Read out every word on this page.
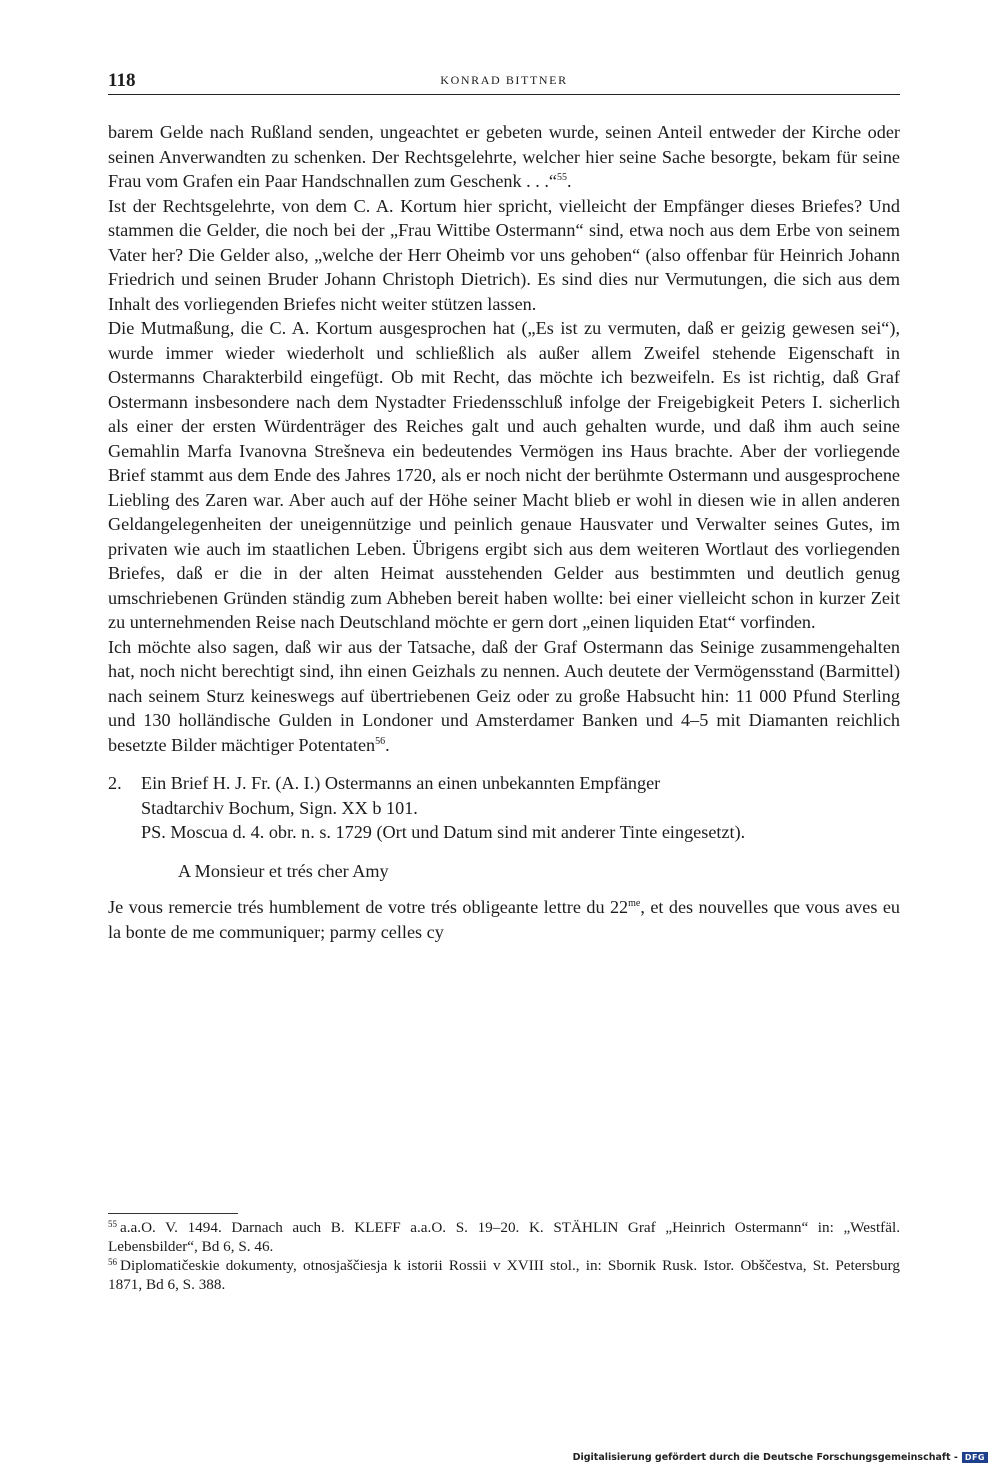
118	KONRAD BITTNER

barem Gelde nach Rußland senden, ungeachtet er gebeten wurde, seinen Anteil entweder der Kirche oder seinen Anverwandten zu schenken. Der Rechtsgelehrte, welcher hier seine Sache besorgte, bekam für seine Frau vom Grafen ein Paar Handschnallen zum Geschenk . . .“$^{55}$.

Ist der Rechtsgelehrte, von dem C. A. Kortum hier spricht, vielleicht der Empfänger dieses Briefes? Und stammen die Gelder, die noch bei der „Frau Wittibe Ostermann“ sind, etwa noch aus dem Erbe von seinem Vater her? Die Gelder also, „welche der Herr Oheimb vor uns gehoben“ (also offenbar für Heinrich Johann Friedrich und seinen Bruder Johann Christoph Dietrich). Es sind dies nur Vermutungen, die sich aus dem Inhalt des vorliegenden Briefes nicht weiter stützen lassen.

Die Mutmaßung, die C. A. Kortum ausgesprochen hat („Es ist zu vermuten, daß er geizig gewesen sei“), wurde immer wieder wiederholt und schließlich als außer allem Zweifel stehende Eigenschaft in Ostermanns Charakterbild eingefügt. Ob mit Recht, das möchte ich bezweifeln. Es ist richtig, daß Graf Ostermann insbesondere nach dem Nystadter Friedensschluß infolge der Freigebigkeit Peters I. sicherlich als einer der ersten Würdenträger des Reiches galt und auch gehalten wurde, und daß ihm auch seine Gemahlin Marfa Ivanovna Strešneva ein bedeutendes Vermögen ins Haus brachte. Aber der vorliegende Brief stammt aus dem Ende des Jahres 1720, als er noch nicht der berühmte Ostermann und ausgesprochene Liebling des Zaren war. Aber auch auf der Höhe seiner Macht blieb er wohl in diesen wie in allen anderen Geldangelegenheiten der uneigennützige und peinlich genaue Hausvater und Verwalter seines Gutes, im privaten wie auch im staatlichen Leben. Übrigens ergibt sich aus dem weiteren Wortlaut des vorliegenden Briefes, daß er die in der alten Heimat ausstehenden Gelder aus bestimmten und deutlich genug umschriebenen Gründen ständig zum Abheben bereit haben wollte: bei einer vielleicht schon in kurzer Zeit zu unternehmenden Reise nach Deutschland möchte er gern dort „einen liquiden Etat“ vorfinden.

Ich möchte also sagen, daß wir aus der Tatsache, daß der Graf Ostermann das Seinige zusammengehalten hat, noch nicht berechtigt sind, ihn einen Geizhals zu nennen. Auch deutete der Vermögensstand (Barmittel) nach seinem Sturz keineswegs auf übertriebenen Geiz oder zu große Habsucht hin: 11 000 Pfund Sterling und 130 holländische Gulden in Londoner und Amsterdamer Banken und 4–5 mit Diamanten reichlich besetzte Bilder mächtiger Potentaten$^{56}$.

2.	Ein Brief H. J. Fr. (A. I.) Ostermanns an einen unbekannten Empfänger
Stadtarchiv Bochum, Sign. XX b 101.
PS. Moscua d. 4. obr. n. s. 1729 (Ort und Datum sind mit anderer Tinte eingesetzt).

A Monsieur et trés cher Amy

Je vous remercie trés humblement de votre trés obligeante lettre du $22^{me}$, et des nouvelles que vous aves eu la bonte de me communiquer; parmy celles cy

$^{55}$ a.a.O. V. 1494. Darnach auch B. KLEFF a.a.O. S. 19–20. K. STÄHLIN Graf „Heinrich Ostermann“ in: „Westfäl. Lebensbilder“, Bd 6, S. 46.

$^{56}$ Diplomatičeskie dokumenty, otnosjaščiesja k istorii Rossii v XVIII stol., in: Sbornik Rusk. Istor. Obščestva, St. Petersburg 1871, Bd 6, S. 388.

Digitalisierung gefördert durch die Deutsche Forschungsgemeinschaft - DFG
